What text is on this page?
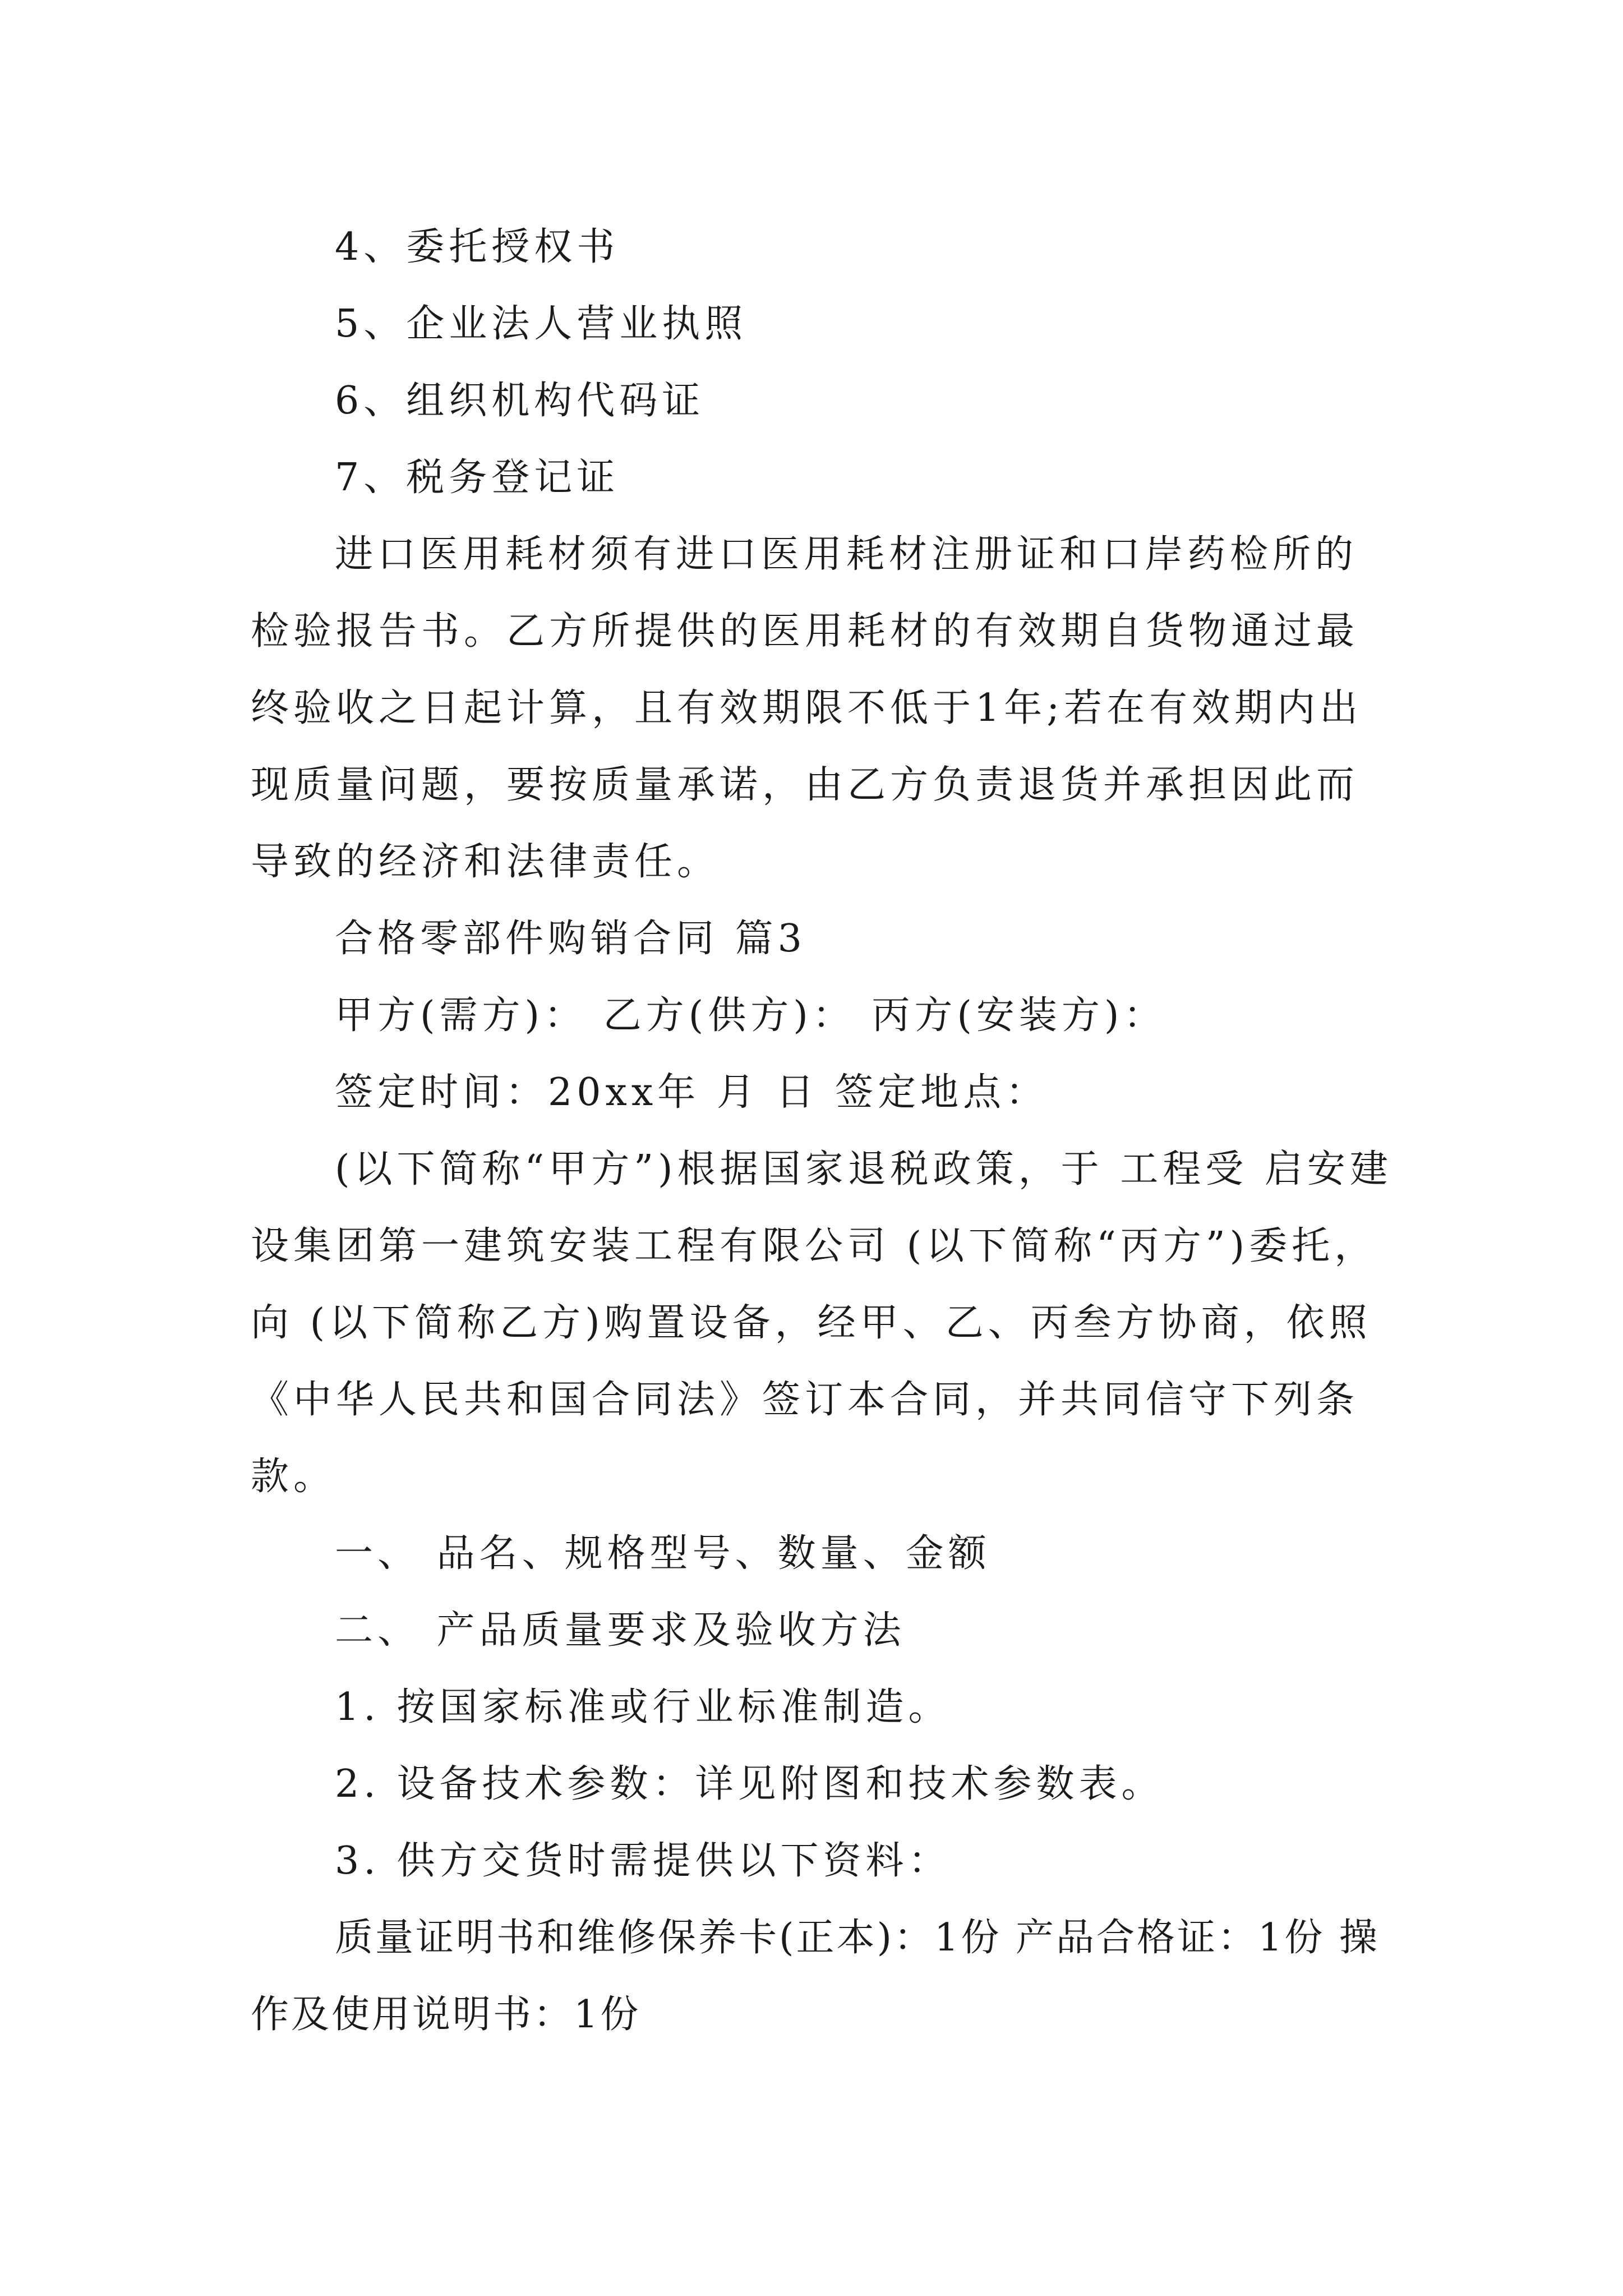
4、委托授权书

5、企业法人营业执照

6、组织机构代码证

7、税务登记证

进口医用耗材须有进口医用耗材注册证和口岸药检所的检验报告书。乙方所提供的医用耗材的有效期自货物通过最终验收之日起计算，且有效期限不低于1年;若在有效期内出现质量问题，要按质量承诺，由乙方负责退货并承担因此而导致的经济和法律责任。

合格零部件购销合同 篇3

甲方(需方)： 乙方(供方)： 丙方(安装方)：

签定时间：20xx年 月 日 签定地点：

(以下简称“甲方”)根据国家退税政策，于 工程受 启安建设集团第一建筑安装工程有限公司 (以下简称“丙方”)委托，向 (以下简称乙方)购置设备，经甲、乙、丙叁方协商，依照《中华人民共和国合同法》签订本合同，并共同信守下列条款。

一、 品名、规格型号、数量、金额

二、 产品质量要求及验收方法

1. 按国家标准或行业标准制造。

2. 设备技术参数：详见附图和技术参数表。

3. 供方交货时需提供以下资料：

质量证明书和维修保养卡(正本)：1份 产品合格证：1份 操作及使用说明书：1份
